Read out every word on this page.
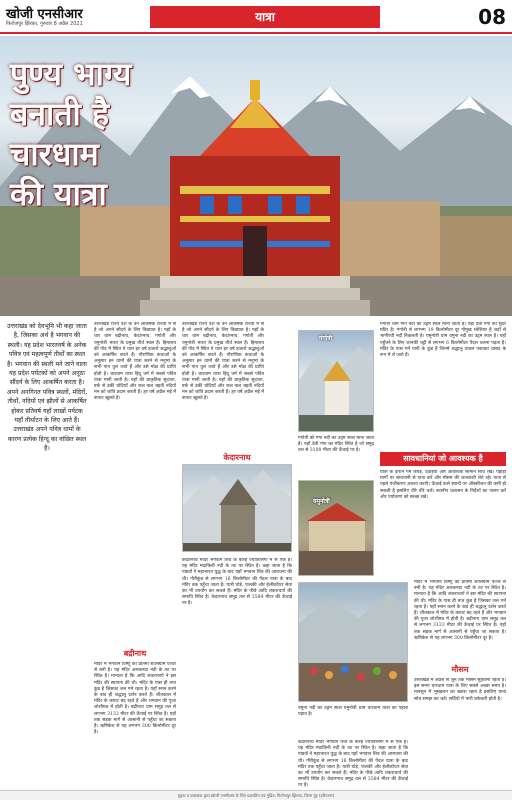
खोजी एनसीआर
फिरोजपुर झिरका, गुरुवार 8 अप्रैल 2021	यात्रा	08
पुण्य भाग्य
बनाती है
चारधाम
की यात्रा
उत्तराखंड को देवभूमि भी कहा जाता है, जिसका अर्थ है भगवान की स्थली। यह प्रदेश भारतवर्ष के अनेक पवित्र एवं महत्वपूर्ण तीर्थों का स्थल है। भगवान की स्थली मने जाने वाला यह प्रदेश पर्यटकों को अपने अनूठा सौंदर्य के लिए आकर्षित करता है। अपने अनगिनत पवित्र स्थलों, मंदिरों, तीर्थों, नदियों एवं झीलों से आकर्षित होकर प्रतिवर्ष यहाँ लाखों पर्यटक यहाँ तीर्थाटन के लिए आते हैं। उत्तराखंड अपने पवित्र धामों के कारण प्रत्येक हिन्दू का वांछित स्थल है।
उत्तराखंड राज्य देश के उन आकर्षक राज्यों में से है जो अपने सौंदर्य के लिए विख्यात है। यहाँ के चार धाम बद्रीनाथ, केदारनाथ, गंगोत्री और यमुनोत्री भारत के प्रमुख तीर्थ स्थल हैं। हिमालय की गोद में स्थित ये धाम हर वर्ष हजारों श्रद्धालुओं को आकर्षित करते हैं। पौराणिक कथाओं के अनुसार इन धामों की यात्रा करने से मनुष्य के सभी पाप धुल जाते हैं और उसे मोक्ष की प्राप्ति होती है। चारधाम यात्रा हिंदू धर्म में सबसे पवित्र यात्रा मानी जाती है। यहाँ की प्राकृतिक सुंदरता, बर्फ से ढकी चोटियाँ और कल कल बहती नदियाँ मन को शांति प्रदान करती हैं। हर वर्ष अप्रैल मई में कपाट खुलते हैं।
बद्रीनाथ
मंदिर में भगवान विष्णु की प्रतिमा शालिग्राम पत्थर से बनी है। यह मंदिर अलकनंदा नदी के तट पर स्थित है। मान्यता है कि आदि शंकराचार्य ने इस मंदिर की स्थापना की थी। मंदिर के पास ही तप्त कुंड है जिसका जल गर्म रहता है। यहाँ स्नान करने के बाद ही श्रद्धालु दर्शन करते हैं। शीतकाल में मंदिर के कपाट बंद रहते हैं और भगवान की पूजा जोशीमठ में होती है। बद्रीनाथ धाम समुद्र तल से लगभग 3133 मीटर की ऊँचाई पर स्थित है। यहाँ तक सड़क मार्ग से आसानी से पहुँचा जा सकता है। ऋषिकेश से यह लगभग 300 किलोमीटर दूर है।
उत्तराखंड राज्य देश के उन आकर्षक राज्यों में से है जो अपने सौंदर्य के लिए विख्यात है। यहाँ के चार धाम बद्रीनाथ, केदारनाथ, गंगोत्री और यमुनोत्री भारत के प्रमुख तीर्थ स्थल हैं। हिमालय की गोद में स्थित ये धाम हर वर्ष हजारों श्रद्धालुओं को आकर्षित करते हैं। पौराणिक कथाओं के अनुसार इन धामों की यात्रा करने से मनुष्य के सभी पाप धुल जाते हैं और उसे मोक्ष की प्राप्ति होती है। चारधाम यात्रा हिंदू धर्म में सबसे पवित्र यात्रा मानी जाती है। यहाँ की प्राकृतिक सुंदरता, बर्फ से ढकी चोटियाँ और कल कल बहती नदियाँ मन को शांति प्रदान करती हैं। हर वर्ष अप्रैल मई में कपाट खुलते हैं।
केदारनाथ
केदारनाथ मंदिर भगवान शिव के बारह ज्योतिर्लिंगों में से एक है। यह मंदिर मंदाकिनी नदी के तट पर स्थित है। कहा जाता है कि पांडवों ने महाभारत युद्ध के बाद यहाँ भगवान शिव की आराधना की थी। गौरीकुंड से लगभग 16 किलोमीटर की पैदल यात्रा के बाद मंदिर तक पहुँचा जाता है। यात्री घोड़े, पालकी और हेलीकॉप्टर सेवा का भी उपयोग कर सकते हैं। मंदिर के पीछे आदि शंकराचार्य की समाधि स्थित है। केदारनाथ समुद्र तल से 3584 मीटर की ऊँचाई पर है।
गंगोत्री
गंगोत्री धाम गंगा नदी का उद्गम स्थल माना जाता है। यहाँ देवी गंगा का सुंदर मंदिर है। गंगोत्री से लगभग 19 किलोमीटर दूर गौमुख ग्लेशियर है जहाँ से भागीरथी नदी निकलती है। यमुनोत्री धाम यमुना नदी का उद्गम स्थल है। यहाँ पहुँचने के लिए जानकी चट्टी से लगभग 6 किलोमीटर पैदल चलना पड़ता है। मंदिर के पास गर्म पानी के कुंड हैं जिनमें श्रद्धालु चावल पकाकर प्रसाद के रूप में ले जाते हैं।
गंगोत्री को गंगा नदी का उद्गम स्थल माना जाता है। यहाँ देवी गंगा का मंदिर स्थित है जो समुद्र तल से 3100 मीटर की ऊँचाई पर है।
यमुनोत्री
सावधानियां जो आवश्यक है
यात्रा के दौरान गर्म कपड़े, दवाइयाँ और आवश्यक सामान साथ रखें। पहाड़ी मार्गों पर सावधानी से यात्रा करें और मौसम की जानकारी लेते रहें। यात्रा से पहले पंजीकरण अवश्य कराएँ। ऊँचाई वाले स्थानों पर ऑक्सीजन की कमी हो सकती है इसलिए धीरे धीरे चलें। स्थानीय प्रशासन के निर्देशों का पालन करें और पर्यावरण को स्वच्छ रखें।
यमुना नदी का उद्गम स्थल यमुनोत्री धाम चारधाम यात्रा का पहला पड़ाव है।
मौसम
मंदिर में भगवान विष्णु की प्रतिमा शालिग्राम पत्थर से बनी है। यह मंदिर अलकनंदा नदी के तट पर स्थित है। मान्यता है कि आदि शंकराचार्य ने इस मंदिर की स्थापना की थी। मंदिर के पास ही तप्त कुंड है जिसका जल गर्म रहता है। यहाँ स्नान करने के बाद ही श्रद्धालु दर्शन करते हैं। शीतकाल में मंदिर के कपाट बंद रहते हैं और भगवान की पूजा जोशीमठ में होती है। बद्रीनाथ धाम समुद्र तल से लगभग 3133 मीटर की ऊँचाई पर स्थित है। यहाँ तक सड़क मार्ग से आसानी से पहुँचा जा सकता है। ऋषिकेश से यह लगभग 300 किलोमीटर दूर है।
उत्तराखंड में अप्रैल से जून तक मौसम सुहावना रहता है। इस समय चारधाम यात्रा के लिए सबसे अच्छा समय है। मानसून में भूस्खलन का खतरा रहता है इसलिए यात्रा सोच समझ कर करें। सर्दियों में भारी बर्फबारी होती है।
केदारनाथ मंदिर भगवान शिव के बारह ज्योतिर्लिंगों में से एक है। यह मंदिर मंदाकिनी नदी के तट पर स्थित है। कहा जाता है कि पांडवों ने महाभारत युद्ध के बाद यहाँ भगवान शिव की आराधना की थी। गौरीकुंड से लगभग 16 किलोमीटर की पैदल यात्रा के बाद मंदिर तक पहुँचा जाता है। यात्री घोड़े, पालकी और हेलीकॉप्टर सेवा का भी उपयोग कर सकते हैं। मंदिर के पीछे आदि शंकराचार्य की समाधि स्थित है। केदारनाथ समुद्र तल से 3584 मीटर की ऊँचाई पर है।
मुद्रक व प्रकाशक द्वारा खोजी एनसीआर के लिए प्रकाशित एवं मुद्रित, फिरोजपुर झिरका, जिला नूंह (हरियाणा)
